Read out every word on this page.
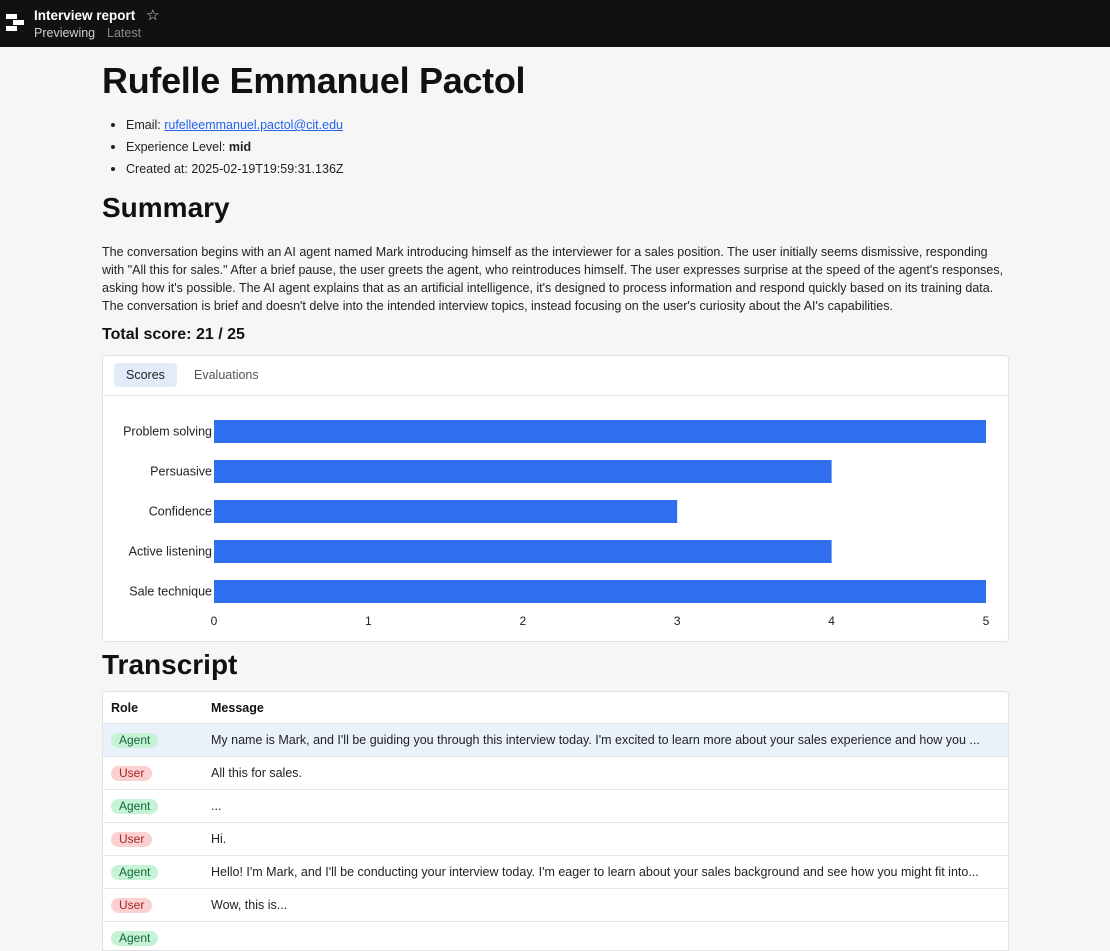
Interview report ☆
Previewing Latest
Rufelle Emmanuel Pactol
Email: rufelleemmanuel.pactol@cit.edu
Experience Level: mid
Created at: 2025-02-19T19:59:31.136Z
Summary

The conversation begins with an AI agent named Mark introducing himself as the interviewer for a sales position. The user initially seems dismissive, responding with "All this for sales." After a brief pause, the user greets the agent, who reintroduces himself. The user expresses surprise at the speed of the agent's responses, asking how it's possible. The AI agent explains that as an artificial intelligence, it's designed to process information and respond quickly based on its training data. The conversation is brief and doesn't delve into the intended interview topics, instead focusing on the user's curiosity about the AI's capabilities.

Total score: 21 / 25
Scores	Evaluations
Problem solving
Persuasive
Confidence
Active listening
Sale technique
0	1	2	3	4	5
Transcript
Role	Message
Agent	My name is Mark, and I'll be guiding you through this interview today. I'm excited to learn more about your sales experience and how you ...
User	All this for sales.
Agent	...
User	Hi.
Agent	Hello! I'm Mark, and I'll be conducting your interview today. I'm eager to learn about your sales background and see how you might fit into...
User	Wow, this is...
Agent
